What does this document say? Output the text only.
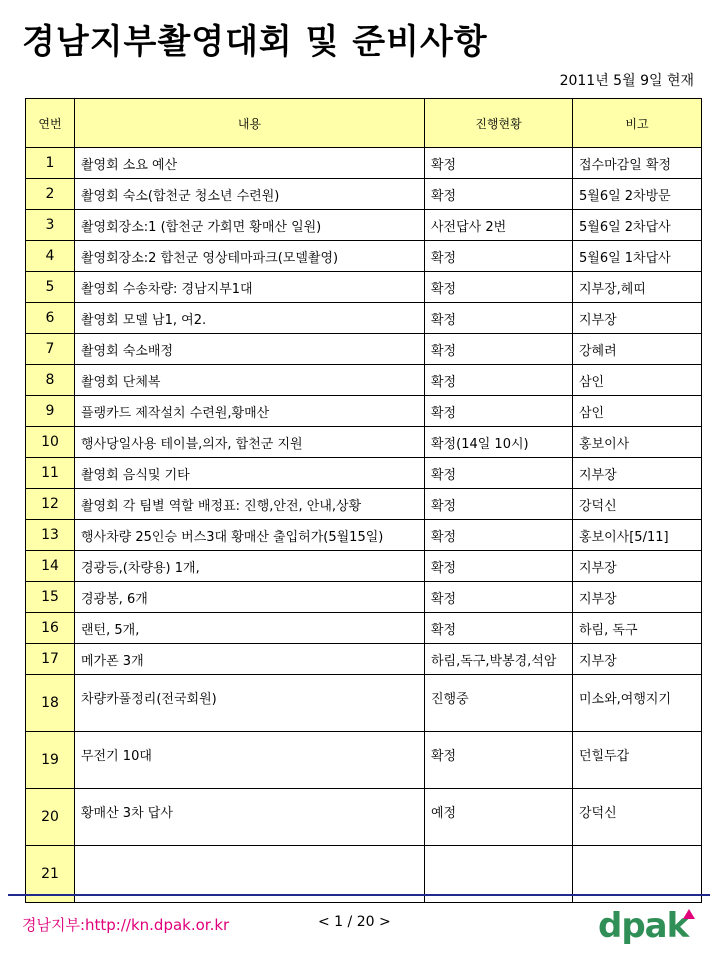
경남지부촬영대회 및 준비사항
2011년 5월 9일 현재
연번	내용	진행현황	비고
1	촬영회 소요 예산	확정	접수마감일 확정
2	촬영회 숙소(합천군 청소년 수련원)	확정	5월6일 2차방문
3	촬영회장소:1 (합천군 가회면 황매산 일원)	사전답사 2번	5월6일 2차답사
4	촬영회장소:2 합천군 영상테마파크(모델촬영)	확정	5월6일 1차답사
5	촬영회 수송차량: 경남지부1대	확정	지부장,헤띠
6	촬영회 모델 남1, 여2.	확정	지부장
7	촬영회 숙소배정	확정	강혜려
8	촬영회 단체복	확정	삼인
9	플랭카드 제작설치 수련원,황매산	확정	삼인
10	행사당일사용 테이블,의자, 합천군 지원	확정(14일 10시)	홍보이사
11	촬영회 음식및 기타	확정	지부장
12	촬영회 각 팀별 역할 배정표: 진행,안전, 안내,상황	확정	강덕신
13	행사차량 25인승 버스3대 황매산 출입허가(5월15일)	확정	홍보이사[5/11]
14	경광등,(차량용) 1개,	확정	지부장
15	경광봉, 6개	확정	지부장
16	랜턴, 5개,	확정	하림, 독구
17	메가폰 3개	하림,독구,박봉경,석암	지부장
18	차량카풀정리(전국회원)	진행중	미소와,여행지기
19	무전기 10대	확정	던힐두갑
20	황매산 3차 답사	예정	강덕신
21			
경남지부:http://kn.dpak.or.kr	< 1 / 20 >	dpak
